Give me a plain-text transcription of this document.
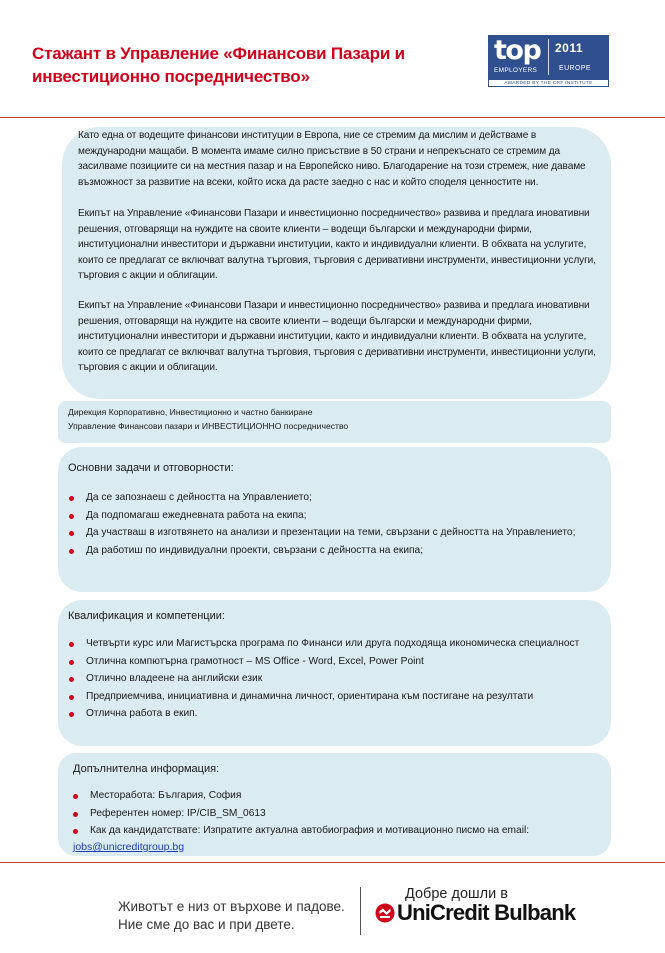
Стажант в Управление «Финансови Пазари и инвестиционно посредничество»
top
EMPLOYERS
2011
EUROPE
AWARDED BY THE CRF INSTITUTE

Като една от водещите финансови институции в Европа, ние се стремим да мислим и действаме в международни мащаби. В момента имаме силно присъствие в 50 страни и непрекъснато се стремим да засилваме позициите си на местния пазар и на Европейско ниво. Благодарение на този стремеж, ние даваме възможност за развитие на всеки, който иска да расте заедно с нас и който споделя ценностите ни.

Екипът на Управление «Финансови Пазари и инвестиционно посредничество» развива и предлага иновативни решения, отговарящи на нуждите на своите клиенти – водещи български и международни фирми, институционални инвеститори и държавни институции, както и индивидуални клиенти. В обхвата на услугите, които се предлагат се включват валутна търговия, търговия с деривативни инструменти, инвестиционни услуги, търговия с акции и облигации.

Екипът на Управление «Финансови Пазари и инвестиционно посредничество» развива и предлага иновативни решения, отговарящи на нуждите на своите клиенти – водещи български и международни фирми, институционални инвеститори и държавни институции, както и индивидуални клиенти. В обхвата на услугите, които се предлагат се включват валутна търговия, търговия с деривативни инструменти, инвестиционни услуги, търговия с акции и облигации.

Дирекция Корпоративно, Инвестиционно и частно банкиране
Управление Финансови пазари и ИНВЕСТИЦИОННО посредничество
Основни задачи и отговорности:
Да се запознаеш с дейността на Управлението;
Да подпомагаш ежедневната работа на екипа;
Да участваш в изготвянето на анализи и презентации на теми, свързани с дейността на Управлението;
Да работиш по индивидуални проекти, свързани с дейността на екипа;
Квалификация и компетенции:
Четвърти курс или Магистърска програма по Финанси или друга подходяща икономическа специалност
Отлична компютърна грамотност – MS Office - Word, Excel, Power Point
Отлично владеене на английски език
Предприемчива, инициативна и динамична личност, ориентирана към постигане на резултати
Отлична работа в екип.
Допълнителна информация:
Месторабота: България, София
Референтен номер: IP/CIB_SM_0613
Как да кандидатствате: Изпратите актуална автобиография и мотивационно писмо на email:
jobs@unicreditgroup.bg
Животът е низ от върхове и падове.
Ние сме до вас и при двете.
Добре дошли в
UniCredit Bulbank
